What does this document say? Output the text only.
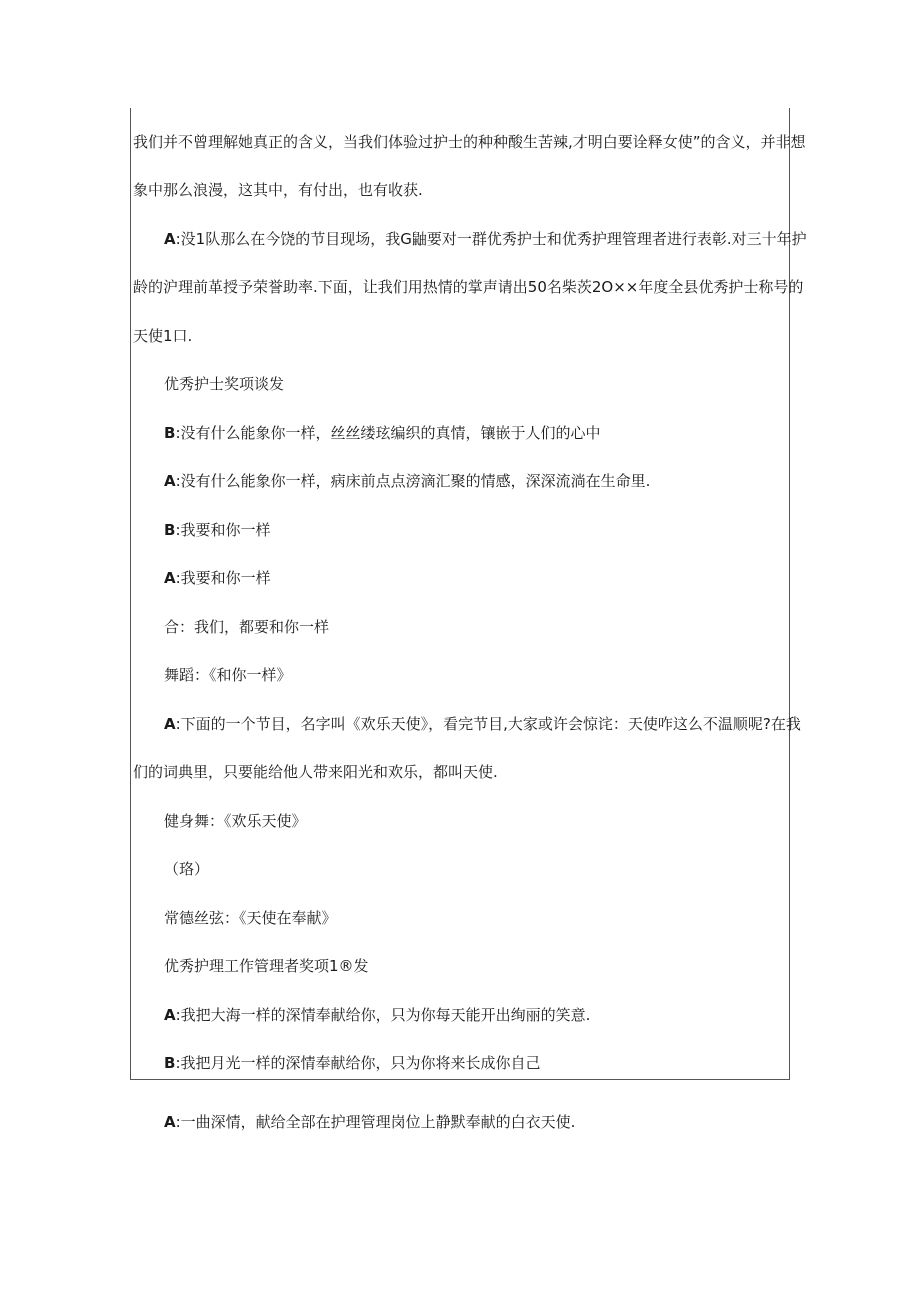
我们并不曾理解她真正的含义，当我们体验过护士的种种酸生苦辣,才明白要诠释女使”的含义，并非想
象中那么浪漫，这其中，有付出，也有收获.
A:没1队那么在今饶的节目现场，我G鼬要对一群优秀护士和优秀护理管理者进行表彰.对三十年护
龄的沪理前革授予荣誉助率.下面，让我们用热情的掌声请出50名柴茨2O××年度全县优秀护士称号的
天使1口.
优秀护士奖项谈发
B:没有什么能象你一样，丝丝缕玹编织的真情，镶嵌于人们的心中
A:没有什么能象你一样，病床前点点滂滴汇聚的情感，深深流淌在生命里.
B:我要和你一样
A:我要和你一样
合：我们，都要和你一样
舞蹈：《和你一样》
A:下面的一个节目，名字叫《欢乐天使》，看完节目,大家或许会惊诧：天使咋这么不温顺呢?在我
们的词典里，只要能给他人带来阳光和欢乐，都叫天使.
健身舞：《欢乐天使》
（珞）
常德丝弦：《天使在奉献》
优秀护理工作管理者奖项1®发
A:我把大海一样的深情奉献给你，只为你每天能开出绚丽的笑意.
B:我把月光一样的深情奉献给你，只为你将来长成你自己
A:一曲深情，献给全部在护理管理岗位上静默奉献的白衣天使.
